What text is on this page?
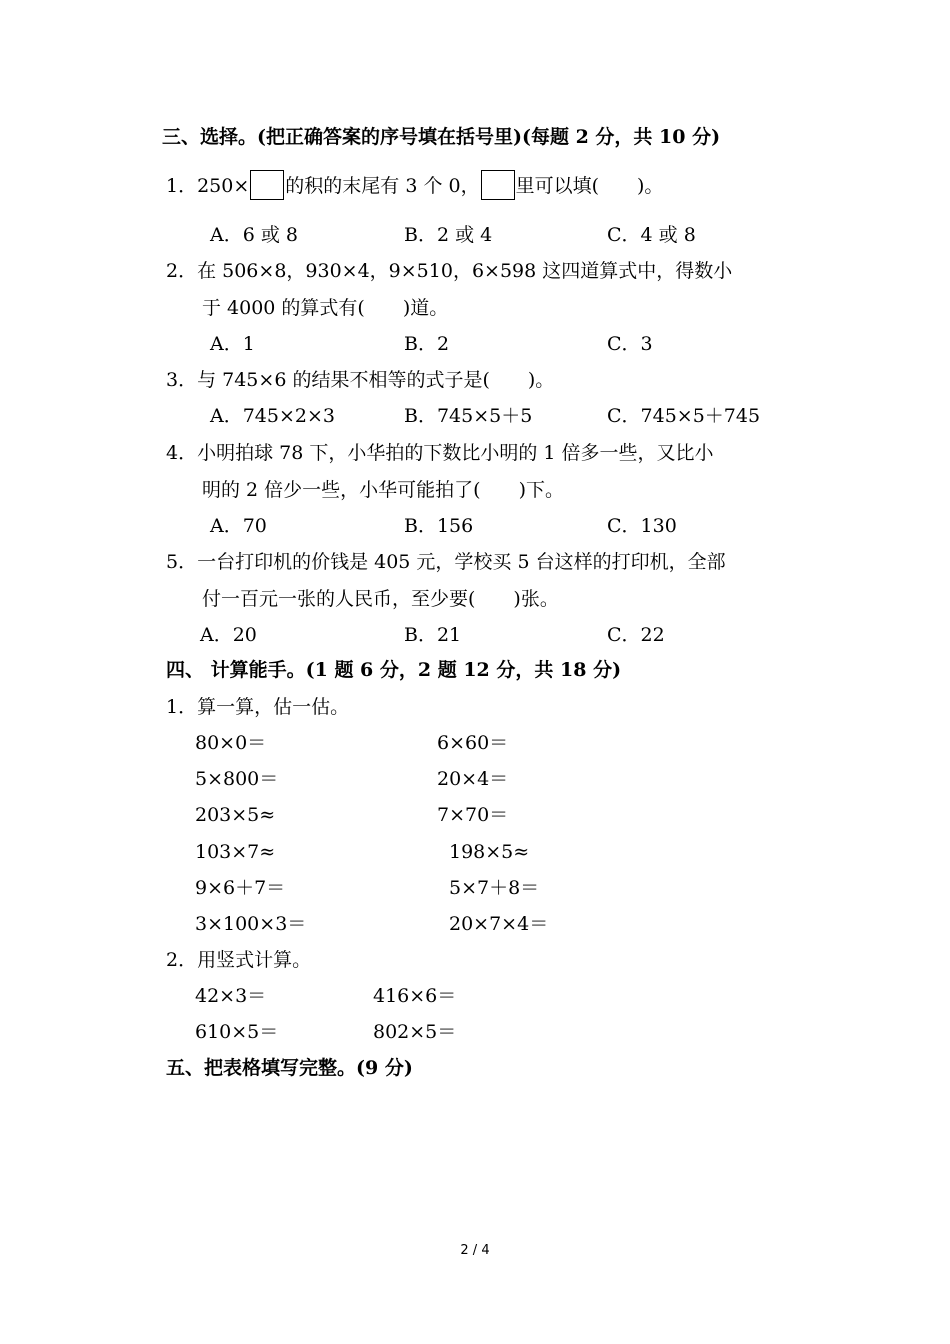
三、选择。(把正确答案的序号填在括号里)(每题 2 分，共 10 分)
1．250× 的积的末尾有 3 个 0， 里可以填(　　)。
A．6 或 8	B．2 或 4	C．4 或 8
2．在 506×8，930×4，9×510，6×598 这四道算式中，得数小
于 4000 的算式有(　　)道。
A．1	B．2	C．3
3．与 745×6 的结果不相等的式子是(　　)。
A．745×2×3	B．745×5＋5	C．745×5＋745
4．小明拍球 78 下，小华拍的下数比小明的 1 倍多一些，又比小
明的 2 倍少一些，小华可能拍了(　　)下。
A．70	B．156	C．130
5．一台打印机的价钱是 405 元，学校买 5 台这样的打印机，全部
付一百元一张的人民币，至少要(　　)张。
A．20	B．21	C．22
四、 计算能手。(1 题 6 分，2 题 12 分，共 18 分)
1．算一算，估一估。
80×0＝	6×60＝
5×800＝	20×4＝
203×5≈	7×70＝
103×7≈	198×5≈
9×6＋7＝	5×7＋8＝
3×100×3＝	20×7×4＝
2．用竖式计算。
42×3＝	416×6＝
610×5＝	802×5＝
五、把表格填写完整。(9 分)
2 / 4
